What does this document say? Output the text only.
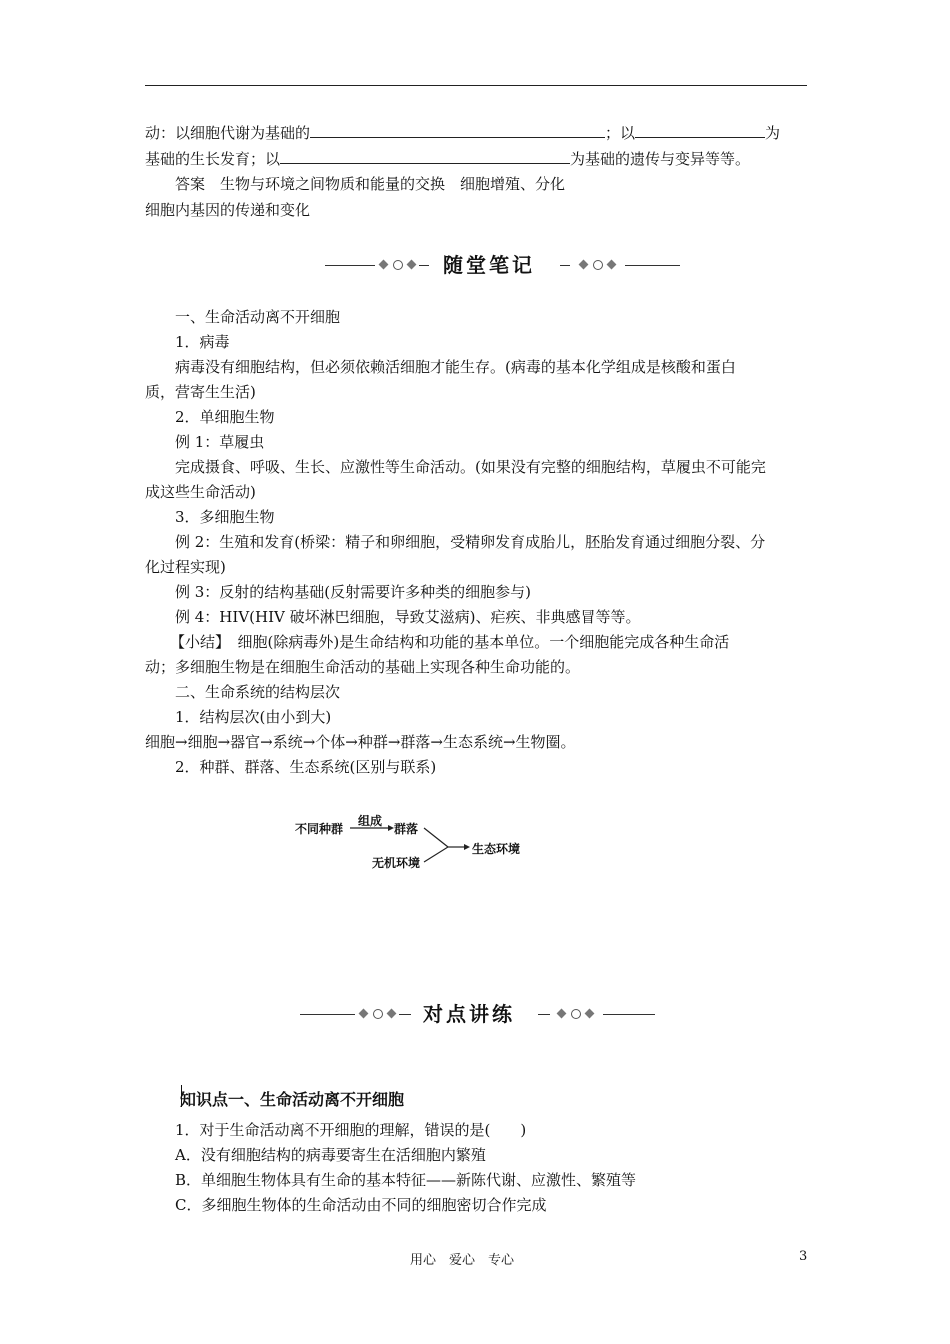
动：以细胞代谢为基础的	；以	为
基础的生长发育；以	为基础的遗传与变异等等。
答案　生物与环境之间物质和能量的交换　细胞增殖、分化
细胞内基因的传递和变化
随堂笔记
一、生命活动离不开细胞
1．病毒
病毒没有细胞结构，但必须依赖活细胞才能生存。(病毒的基本化学组成是核酸和蛋白
质，营寄生生活)
2．单细胞生物
例 1：草履虫
完成摄食、呼吸、生长、应激性等生命活动。(如果没有完整的细胞结构，草履虫不可能完
成这些生命活动)
3．多细胞生物
例 2：生殖和发育(桥梁：精子和卵细胞，受精卵发育成胎儿，胚胎发育通过细胞分裂、分
化过程实现)
例 3：反射的结构基础(反射需要许多种类的细胞参与)
例 4：HIV(HIV 破坏淋巴细胞，导致艾滋病)、疟疾、非典感冒等等。
【小结】　细胞(除病毒外)是生命结构和功能的基本单位。一个细胞能完成各种生命活
动；多细胞生物是在细胞生命活动的基础上实现各种生命功能的。
二、生命系统的结构层次
1．结构层次(由小到大)
细胞→细胞→器官→系统→个体→种群→群落→生态系统→生物圈。
2．种群、群落、生态系统(区别与联系)
不同种群
组成
群落
无机环境
生态环境
对点讲练
知识点一、生命活动离不开细胞
1．对于生命活动离不开细胞的理解，错误的是(　　)
A．没有细胞结构的病毒要寄生在活细胞内繁殖
B．单细胞生物体具有生命的基本特征——新陈代谢、应激性、繁殖等
C．多细胞生物体的生命活动由不同的细胞密切合作完成
用心　爱心　专心	3
